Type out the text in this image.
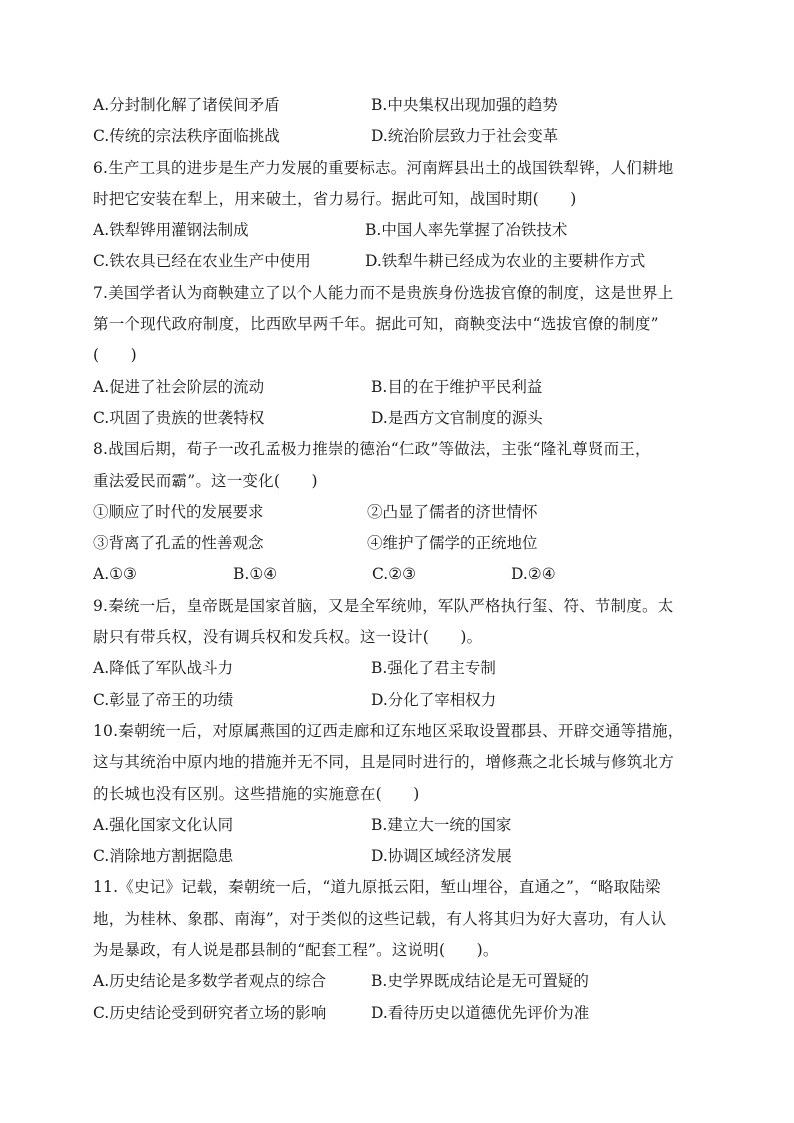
A.分封制化解了诸侯间矛盾	B.中央集权出现加强的趋势
C.传统的宗法秩序面临挑战	D.统治阶层致力于社会变革
6.生产工具的进步是生产力发展的重要标志。河南辉县出土的战国铁犁铧，人们耕地
时把它安装在犁上，用来破土，省力易行。据此可知，战国时期(　　)
A.铁犁铧用灌钢法制成	B.中国人率先掌握了冶铁技术
C.铁农具已经在农业生产中使用	D.铁犁牛耕已经成为农业的主要耕作方式
7.美国学者认为商鞅建立了以个人能力而不是贵族身份选拔官僚的制度，这是世界上
第一个现代政府制度，比西欧早两千年。据此可知，商鞅变法中“选拔官僚的制度”
(　　)
A.促进了社会阶层的流动	B.目的在于维护平民利益
C.巩固了贵族的世袭特权	D.是西方文官制度的源头
8.战国后期，荀子一改孔孟极力推崇的德治“仁政”等做法，主张“隆礼尊贤而王，
重法爱民而霸”。这一变化(　　)
①顺应了时代的发展要求	②凸显了儒者的济世情怀
③背离了孔孟的性善观念	④维护了儒学的正统地位
A.①③	B.①④	C.②③	D.②④
9.秦统一后，皇帝既是国家首脑，又是全军统帅，军队严格执行玺、符、节制度。太
尉只有带兵权，没有调兵权和发兵权。这一设计(　　)。
A.降低了军队战斗力	B.强化了君主专制
C.彰显了帝王的功绩	D.分化了宰相权力
10.秦朝统一后，对原属燕国的辽西走廊和辽东地区采取设置郡县、开辟交通等措施，
这与其统治中原内地的措施并无不同，且是同时进行的，增修燕之北长城与修筑北方
的长城也没有区别。这些措施的实施意在(　　)
A.强化国家文化认同	B.建立大一统的国家
C.消除地方割据隐患	D.协调区域经济发展
11.《史记》记载，秦朝统一后，“道九原抵云阳，堑山埋谷，直通之”，“略取陆梁
地，为桂林、象郡、南海”，对于类似的这些记载，有人将其归为好大喜功，有人认
为是暴政，有人说是郡县制的“配套工程”。这说明(　　)。
A.历史结论是多数学者观点的综合	B.史学界既成结论是无可置疑的
C.历史结论受到研究者立场的影响	D.看待历史以道德优先评价为准
